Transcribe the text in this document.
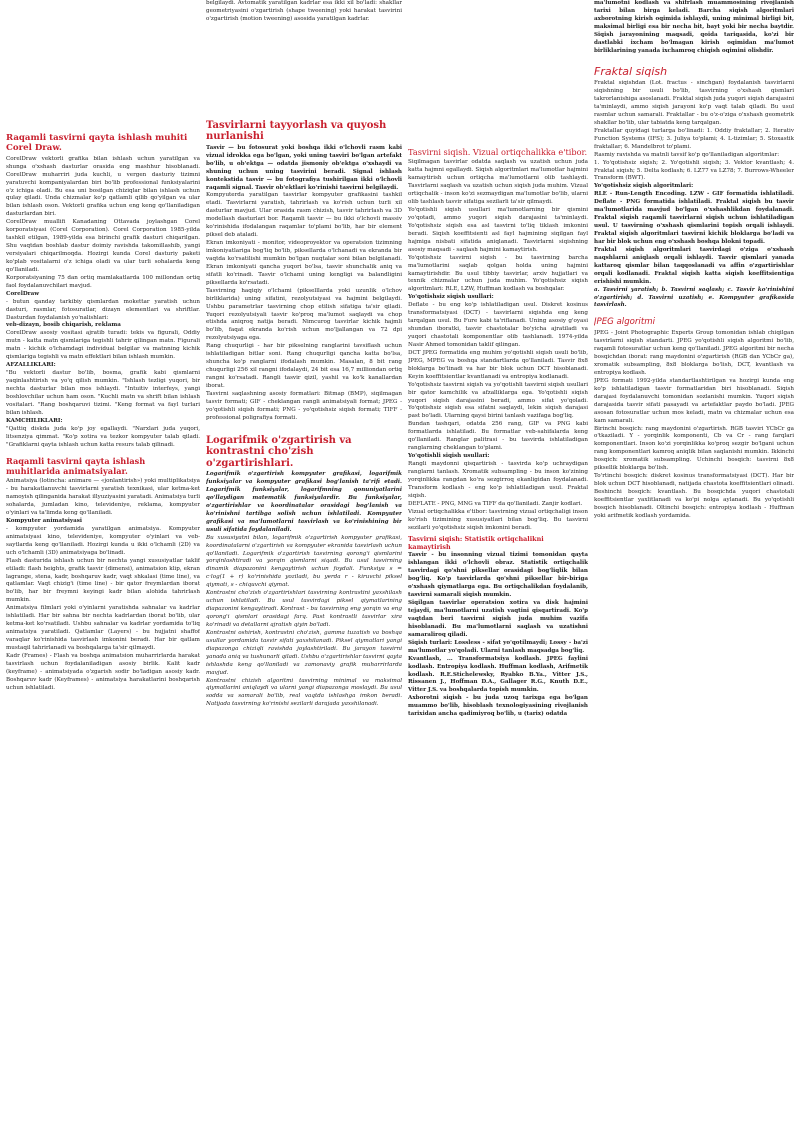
Raqamli tasvirni qayta ishlash muhiti Corel Draw.

CorelDraw vektorli grafika bilan ishlash uchun yaratilgan va shunga o'xshash dasturlar orasida eng mashhur hisoblanadi. CorelDraw muharriri juda kuchli, u vergen dasturiy tizimni yaratuvchi kompaniyalardan biri bo'lib professional funksiyalarini o'z ichiga oladi. Bu esa uni bosilgan chiziqlar bilan ishlash uchun qulay qiladi. Unda chizmalar ko'p qatlamli qilib qo'yilgan va ular bilan ishlash oson. Vektorli grafika uchun eng keng qo'llaniladigan dasturlardan biri.

CorelDraw muallifi Kanadaning Ottavada joylashgan Corel korporatsiyasi (Corel Corporation). Corel Corporation 1985-yilda tashkil etilgan, 1989-yilda esa birinchi grafik dasturi chiqarilgan. Shu vaqtdan boshlab dastur doimiy ravishda takomillashib, yangi versiyalari chiqarilmoqda. Hozirgi kunda Corel dasturiy paketi ko'plab vositalarni o'z ichiga oladi va ular turli sohalarda keng qo'llaniladi.

Korporatsiyaning 75 dan ortiq mamlakatlarda 100 millondan ortiq faol foydalanuvchilari mavjud.

CorelDraw

- butun qanday tarkibiy qismlardan mokettar yaratish uchun dasturi, rasmlar, fotosuratlar, dizayn elementlari va shriftlar. Dasturdan foydalanish yo'nalishlari:

veb-dizayn, bosib chiqarish, reklama

CorelDraw asosiy vositasi ajratib turadi: tekis va figurali, Oddiy mutn - katta matn qismlariga tegishli tahrir qilingan matn. Figurali matn - kichik o'lchamdagi individual belgilar va matnning kichik qismlariga tegishli va matn effektlari bilan ishlash mumkin.

AFZALLIKLARI:

"Bu vektorli dastur bo'lib, bosma, grafik kabi qismlarni yaqinlashtirish va yo'q qilish mumkin. "Ishlash tezligi yuqori, bir nechta dasturlar bilan mos ishlaydi. "Intuitiv interfeys, yangi boshlovchilar uchun ham oson. "Kuchli matn va shrift bilan ishlash vositalari. "Rang boshqaruvi tizimi. "Keng format va fayl turlari bilan ishlash.

KAMCHILIKLARI:

"Qattiq diskda juda ko'p joy egallaydi. "Narxlari juda yuqori, litsenziya qimmat. "Ko'p xotira va tezkor kompyuter talab qiladi. "Grafiklarni qayta ishlash uchun katta resurs talab qilinadi.

Raqamli tasvirni qayta ishlash muhitlarida animatsiyalar.

Animatsiya (lotincha: animare — «jonlantirish») yoki multiplikatsiya - bu harakatlanuvchi tasvirlarni yaratish texnikasi, ular ketma-ket namoyish qilinganida harakat illyuziyasini yaratadi. Animatsiya turli sohalarda, jumladan kino, televideniye, reklama, kompyuter o'yinlari va ta'limda keng qo'llaniladi.

Kompyuter animatsiyasi

- kompyuter yordamida yaratilgan animatsiya. Kompyuter animatsiyasi kino, televideniye, kompyuter o'yinlari va veb-saytlarda keng qo'llaniladi. Hozirgi kunda u ikki o'lchamli (2D) va uch o'lchamli (3D) animatsiyaga bo'linadi.

Flash dasturida ishlash uchun bir nechta yangi xususiyatlar taklif etiladi: flash heights, grafik tasvir (dimensi), animatsion klip, ekran lagrange, stena, kadr, boshqaruv kadr, vaqt shkalasi (time line), va qatlamlar. Vaqt chizig'i (time line) - bir qator freymlardan iborat bo'lib, har bir freymni keyingi kadr bilan alohida tahrirlash mumkin.

Animatsiya filmlari yoki o'yinlarni yaratishda sahnalar va kadrlar ishlatiladi. Har bir sahna bir nechta kadrlardan iborat bo'lib, ular ketma-ket ko'rsatiladi. Ushbu sahnalar va kadrlar yordamida to'liq animatsiya yaratiladi. Qatlamlar (Layers) - bu hujjatni shaffof varaqlar ko'rinishida tasvirlash imkonini beradi. Har bir qatlam mustaqil tahrirlanadi va boshqalarga ta'sir qilmaydi.

Kadr (Frames) - Flash va boshqa animatsion muharrirlarda harakat tasvirlash uchun foydalaniladigan asosiy birlik. Kalit kadr (keyframe) - animatsiyada o'zgarish sodir bo'ladigan asosiy kadr. Boshqaruv kadr (Keyframes) - animatsiya harakatlarini boshqarish uchun ishlatiladi.

belgilaydi. Avtomatik yaratilgan kadrlar esa ikki xil bo'ladi: shakllar geometriyasini o'zgartirish (shape tweening) yoki harakat tasvirini o'zgartirish (motion tweening) asosida yaratilgan kadrlar.

Tasvirlarni tayyorlash va quyosh nurlanishi

Tasvir — bu fotosurat yoki boshqa ikki o'lchovli rasm kabi vizual idrokka ega bo'lgan, yoki uning tasviri bo'lgan artefakt bo'lib, u ob'ektga — odatda jismoniy ob'ektga o'xshaydi va shuning uchun uning tasvirini beradi. Signal ishlash kontekstida tasvir — bu fotografiya tushirilgan ikki o'lchovli raqamli signal. Tasvir ob'ektlari ko'rinishi tasvirni belgilaydi.

Kompyuterda yaratilgan tasvirlar kompyuter grafikasini tashkil etadi. Tasvirlarni yaratish, tahrirlash va ko'rish uchun turli xil dasturlar mavjud. Ular orasida rasm chizish, tasvir tahrirlash va 3D modellash dasturlari bor. Raqamli tasvir — bu ikki o'lchovli massiv ko'rinishida ifodalangan raqamlar to'plami bo'lib, har bir element piksel deb ataladi.

Ekran imkoniyati - monitor, videoproyektor va operatsion tizimning imkoniyatlariga bog'liq bo'lib, piksellarda o'lchanadi va ekranda bir vaqtda ko'rsatilishi mumkin bo'lgan nuqtalar soni bilan belgilanadi. Ekran imkoniyati qancha yuqori bo'lsa, tasvir shunchalik aniq va sifatli ko'rinadi. Tasvir o'lchami uning kengligi va balandligini piksellarda ko'rsatadi.

Tasvirning haqiqiy o'lchami (pikselllarda yoki uzunlik o'lchov birliklarida) uning sifatini, rezolyutsiyasi va hajmini belgilaydi. Ushbu parametrlar tasvirning chop etilish sifatiga ta'sir qiladi. Yuqori rezolyutsiyali tasvir ko'proq ma'lumot saqlaydi va chop etishda aniqroq natija beradi. Nimcurog tasvirlar kichik hajmli bo'lib, faqat ekranda ko'rish uchun mo'ljallangan va 72 dpi rezolyutsiyaga ega.

Rang chuqurligi - har bir pikselning ranglarini tavsiflash uchun ishlatiladigan bitlar soni. Rang chuqurligi qancha katta bo'lsa, shuncha ko'p ranglarni ifodalash mumkin. Masalan, 8 bit rang chuqurligi 256 xil rangni ifodalaydi, 24 bit esa 16,7 milliondan ortiq rangni ko'rsatadi. Rangli tasvir qizil, yashil va ko'k kanallardan iborat.

Tasvirni saqlashning asosiy formatlari: Bitmap (BMP), siqilmagan tasvir formati; GIF - cheklangan rangli animatsiyali format; JPEG - yo'qotishli siqish formati; PNG - yo'qotishsiz siqish formati; TIFF - professional poligrafiya formati.

Logarifmik o'zgartirish va kontrastni cho'zish o'zgartirishlari.

Logarifmik o'zgartirish kompyuter grafikasi, logarifmik funksiyalar va kompyuter grafikasi bog'lanish ta'rifi etadi. Logarifmik funksiyalar, logarifmning qonuniyatlarini qo'llaydigan matematik funksiyalardir. Bu funksiyalar, o'zgartirishlar va koordinatalar orasidagi bog'lanish va ko'rinishni tartibga solish uchun ishlatiladi. Kompyuter grafikasi va ma'lumotlarni tasvirlash va ko'rinishining bir usuli sifatida foydalaniladi.

Bu xususiyatni bilan, logarifmik o'zgartirish kompyuter grafikasi, koordinatalarni o'zgartirish va kompyuter ekranida tasvirlash uchun qo'llaniladi. Logarifmik o'zgartirish tasvirning qorong'i qismlarini yorqinlashtiradi va yorqin qismlarni siqadi. Bu usul tasvirning dinamik diapazonini kengaytirish uchun foydali. Funksiya s = c·log(1 + r) ko'rinishida yoziladi, bu yerda r - kiruvchi piksel qiymati, s - chiquvchi qiymat.

Kontrastni cho'zish o'zgartirishlari tasvirning kontrastini yaxshilash uchun ishlatiladi. Bu usul tasvirdagi piksel qiymatlarining diapazonini kengaytiradi. Kontrast - bu tasvirning eng yorqin va eng qorong'i qismlari orasidagi farq. Past kontrastli tasvirlar xira ko'rinadi va detallarni ajratish qiyin bo'ladi.

Kontrastni oshirish, kontrastni cho'zish, gamma tuzatish va boshqa usullar yordamida tasvir sifati yaxshilanadi. Piksel qiymatlari yangi diapazonga chiziqli ravishda joylashtiriladi. Bu jarayon tasvirni yanada aniq va tushunarli qiladi. Ushbu o'zgartirishlar tasvirni qayta ishlashda keng qo'llaniladi va zamonaviy grafik muharrirlarda mavjud.

Kontrastni chizish algoritmi tasvirning minimal va maksimal qiymatlarini aniqlaydi va ularni yangi diapazonga moslaydi. Bu usul sodda va samarali bo'lib, real vaqtda ishlashga imkon beradi. Natijada tasvirning ko'rinishi sezilarli darajada yaxshilanadi.

Tasvirni siqish. Vizual ortiqchalikka e'tibor.

Siqilmagan tasvirlar odatda saqlash va uzatish uchun juda katta hajmni egallaydi. Siqish algoritmlari ma'lumotlar hajmini kamaytirish uchun ortiqcha ma'lumotlarni olib tashlaydi. Tasvirlarni saqlash va uzatish uchun siqish juda muhim. Vizual ortiqchalik - inson ko'zi sezmaydigan ma'lumotlar bo'lib, ularni olib tashlash tasvir sifatiga sezilarli ta'sir qilmaydi.

Yo'qotishli siqish usullari ma'lumotlarning bir qismini yo'qotadi, ammo yuqori siqish darajasini ta'minlaydi. Yo'qotishsiz siqish esa asl tasvirni to'liq tiklash imkonini beradi. Siqish koeffitsienti asl fayl hajmining siqilgan fayl hajmiga nisbati sifatida aniqlanadi. Tasvirlarni siqishning asosiy maqsadi - saqlash hajmini kamaytirish.

Yo'qotishsiz tasvirni siqish - bu tasvirning barcha ma'lumotlarini saqlab qolgan holda uning hajmini kamaytirishdir. Bu usul tibbiy tasvirlar, arxiv hujjatlari va texnik chizmalar uchun juda muhim. Yo'qotishsiz siqish algoritmlari: RLE, LZW, Huffman kodlash va boshqalar.

Yo'qotishsiz siqish usullari:

Deflate - bu eng ko'p ishlatiladigan usul. Diskret kosinus transformatsiyasi (DCT) - tasvirlarni siqishda eng keng tarqalgan usul. Bu Fure kabi ta'riflanadi. Uning asosiy g'oyasi shundan iboratki, tasvir chastotalar bo'yicha ajratiladi va yuqori chastotali komponentlar olib tashlanadi. 1974-yilda Nasir Ahmed tomonidan taklif qilingan.

DCT JPEG formatida eng muhim yo'qotishli siqish usuli bo'lib, JPEG, MPEG va boshqa standartlarda qo'llaniladi. Tasvir 8x8 bloklarga bo'linadi va har bir blok uchun DCT hisoblanadi. Keyin koeffitsientlar kvantlanadi va entropiya kodlanadi.

Yo'qotishsiz tasvirni siqish va yo'qotishli tasvirni siqish usullari bir qator kamchilik va afzalliklarga ega. Yo'qotishli siqish yuqori siqish darajasini beradi, ammo sifat yo'qoladi. Yo'qotishsiz siqish esa sifatni saqlaydi, lekin siqish darajasi past bo'ladi. Ularning qaysi birini tanlash vazifaga bog'liq.

Bundan tashqari, odatda 256 rang, GIF va PNG kabi formatlarda ishlatiladi. Bu formatlar veb-sahifalarda keng qo'llaniladi. Ranglar palitrasi - bu tasvirda ishlatiladigan ranglarning cheklangan to'plami.

Yo'qotishli siqish usullari:

Rangli maydonni qisqartirish - tasvirda ko'p uchraydigan ranglarni tanlash. Xromatik subsampling - bu inson ko'zining yorqinlikka rangdan ko'ra sezgirroq ekanligidan foydalanadi. Transform kodlash - eng ko'p ishlatiladigan usul. Fraktal siqish.

DEFLATE - PNG, MNG va TIFF da qo'llaniladi. Zanjir kodlari.

Vizual ortiqchalikka e'tibor: tasvirning vizual ortiqchaligi inson ko'rish tizimining xususiyatlari bilan bog'liq. Bu tasvirni sezilarli yo'qotishsiz siqish imkonini beradi.

Tasvirni siqish: Statistik ortiqchalikni kamaytirish

Tasvir - bu insonning vizual tizimi tomonidan qayta ishlangan ikki o'lchovli obraz. Statistik ortiqchalik tasvirdagi qo'shni piksellar orasidagi bog'liqlik bilan bog'liq. Ko'p tasvirlarda qo'shni piksellar bir-biriga o'xshash qiymatlarga ega. Bu ortiqchalikdan foydalanib, tasvirni samarali siqish mumkin.

Siqilgan tasvirlar operatsion xotira va disk hajmini tejaydi, ma'lumotlarni uzatish vaqtini qisqartiradi. Ko'p vaqtdan beri tasvirni siqish juda muhim vazifa hisoblanadi. Bu ma'lumotlarni saqlash va uzatishni samaraliroq qiladi.

Siqish turlari: Lossless - sifat yo'qotilmaydi; Lossy - ba'zi ma'lumotlar yo'qoladi. Ularni tanlash maqsadga bog'liq.

Kvantlash, ... Transformatsiya kodlash. JPEG faylini kodlash. Entropiya kodlash. Huffman kodlash, Arifmetik kodlash. R.E.Stichelewsky, Ryabko B.Ya., Vitter J.S., Rissanen J., Hoffman D.A., Gallager R.G., Knuth D.E., Vitter J.S. va boshqalarda topish mumkin.

Axborotni siqish - bu juda uzoq tarixga ega bo'lgan muammo bo'lib, hisoblash texnologiyasining rivojlanish tarixidan ancha qadimiyroq bo'lib, u (tarix) odatda

ma'lumotni kodlash va shifrlash muammosining rivojlanish tarixi bilan birga keladi. Barcha siqish algoritmlari axborotning kirish oqimida ishlaydi, uning minimal birligi bit, maksimal birligi esa bir necha bit, bayt yoki bir necha baytdir. Siqish jarayonining maqsadi, qoida tariqasida, ko'zi bir dastlabki ixcham bo'lmagan kirish oqimidan ma'lumot birliklarining yanada ixchamroq chiqish oqimini olishdir.

Fraktal siqish

Fraktal siqishdan (Lot. fractus - sinchgan) foydalanish tasvirlarni siqishning bir usuli bo'lib, tasvirning o'xshash qismlari takrorlanishiga asoslanadi. Fraktal siqish juda yuqori siqish darajasini ta'minlaydi, ammo siqish jarayoni ko'p vaqt talab qiladi. Bu usul rasmlar uchun samarali. Fraktallar - bu o'z-o'ziga o'xshash geometrik shakllar bo'lib, ular tabiatda keng tarqalgan.

Fraktallar quyidagi turlarga bo'linadi: 1. Oddiy fraktallar; 2. Iterativ Function Systems (IFS); 3. Juliya to'plami; 4. L-tizimlar; 5. Stoxastik fraktallar; 6. Mandelbrot to'plami.

Rasmiy ravishda va matnli tavsif ko'p qo'llaniladigan algoritmlar:

1. Yo'qotishsiz siqish; 2. Yo'qotishli siqish; 3. Vektor kvantlash; 4. Fraktal siqish; 5. Delta kodlash; 6. LZ77 va LZ78; 7. Burrows-Wheeler Transform (BWT).

Yo'qotishsiz siqish algoritmlari:

RLE - Run-Length Encoding. LZW - GIF formatida ishlatiladi. Deflate - PNG formatida ishlatiladi. Fraktal siqish bu tasvir ma'lumotlarida mavjud bo'lgan o'xshashlikdan foydalanadi. Fraktal siqish raqamli tasvirlarni siqish uchun ishlatiladigan usul. U tasvirning o'xshash qismlarini topish orqali ishlaydi. Fraktal siqish algoritmlari tasvirni kichik bloklarga bo'ladi va har bir blok uchun eng o'xshash boshqa blokni topadi.

Fraktal siqish algoritmlari tasvirdagi o'ziga o'xshash naqshlarni aniqlash orqali ishlaydi. Tasvir qismlari yanada kattaroq qismlar bilan taqqoslanadi va affin o'zgartirishlar orqali kodlanadi. Fraktal siqish katta siqish koeffitsientiga erishishi mumkin.

a. Tasvirni yaratish; b. Tasvirni saqlash; c. Tasvir ko'rinishini o'zgartirish; d. Tasvirni uzatish; e. Kompyuter grafikasida tasvirlash.

JPEG algoritmi

JPEG - Joint Photographic Experts Group tomonidan ishlab chiqilgan tasvirlarni siqish standarti. JPEG yo'qotishli siqish algoritmi bo'lib, raqamli fotosuratlar uchun keng qo'llaniladi. JPEG algoritmi bir necha bosqichdan iborat: rang maydonini o'zgartirish (RGB dan YCbCr ga), xromatik subsampling, 8x8 bloklarga bo'lish, DCT, kvantlash va entropiya kodlash.

JPEG formati 1992-yilda standartlashtirilgan va hozirgi kunda eng ko'p ishlatiladigan tasvir formatlaridan biri hisoblanadi. Siqish darajasi foydalanuvchi tomonidan sozlanishi mumkin. Yuqori siqish darajasida tasvir sifati pasayadi va artefaktlar paydo bo'ladi. JPEG asosan fotosuratlar uchun mos keladi, matn va chizmalar uchun esa kam samarali.

Birinchi bosqich: rang maydonini o'zgartirish. RGB tasviri YCbCr ga o'tkaziladi. Y - yorqinlik komponenti, Cb va Cr - rang farqlari komponentlari. Inson ko'zi yorqinlikka ko'proq sezgir bo'lgani uchun rang komponentlari kamroq aniqlik bilan saqlanishi mumkin. Ikkinchi bosqich: xromatik subsampling. Uchinchi bosqich: tasvirni 8x8 piksellik bloklarga bo'lish.

To'rtinchi bosqich: diskret kosinus transformatsiyasi (DCT). Har bir blok uchun DCT hisoblanadi, natijada chastota koeffitsientlari olinadi. Beshinchi bosqich: kvantlash. Bu bosqichda yuqori chastotali koeffitsientlar yaxlitlanadi va ko'pi nolga aylanadi. Bu yo'qotishli bosqich hisoblanadi. Oltinchi bosqich: entropiya kodlash - Huffman yoki arifmetik kodlash yordamida.
